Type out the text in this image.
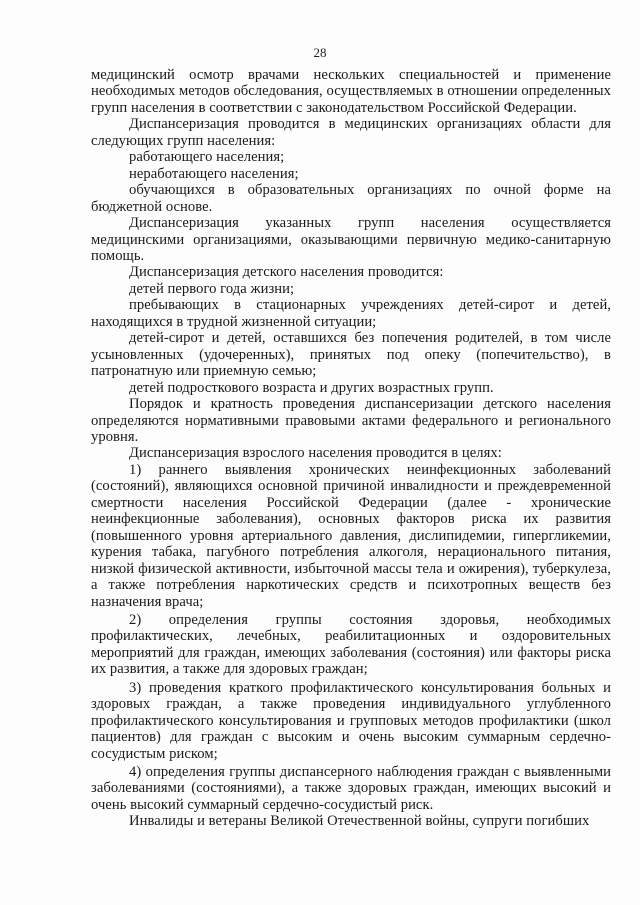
28

медицинский осмотр врачами нескольких специальностей и применение необходимых методов обследования, осуществляемых в отношении определенных групп населения в соответствии с законодательством Российской Федерации.

Диспансеризация проводится в медицинских организациях области для следующих групп населения:

работающего населения;

неработающего населения;

обучающихся в образовательных организациях по очной форме на бюджетной основе.

Диспансеризация указанных групп населения осуществляется медицинскими организациями, оказывающими первичную медико-санитарную помощь.

Диспансеризация детского населения проводится:

детей первого года жизни;

пребывающих в стационарных учреждениях детей-сирот и детей, находящихся в трудной жизненной ситуации;

детей-сирот и детей, оставшихся без попечения родителей, в том числе усыновленных (удочеренных), принятых под опеку (попечительство), в патронатную или приемную семью;

детей подросткового возраста и других возрастных групп.

Порядок и кратность проведения диспансеризации детского населения определяются нормативными правовыми актами федерального и регионального уровня.

Диспансеризация взрослого населения проводится в целях:

1) раннего выявления хронических неинфекционных заболеваний (состояний), являющихся основной причиной инвалидности и преждевременной смертности населения Российской Федерации (далее - хронические неинфекционные заболевания), основных факторов риска их развития (повышенного уровня артериального давления, дислипидемии, гипергликемии, курения табака, пагубного потребления алкоголя, нерационального питания, низкой физической активности, избыточной массы тела и ожирения), туберкулеза, а также потребления наркотических средств и психотропных веществ без назначения врача;

2) определения группы состояния здоровья, необходимых профилактических, лечебных, реабилитационных и оздоровительных мероприятий для граждан, имеющих заболевания (состояния) или факторы риска их развития, а также для здоровых граждан;

3) проведения краткого профилактического консультирования больных и здоровых граждан, а также проведения индивидуального углубленного профилактического консультирования и групповых методов профилактики (школ пациентов) для граждан с высоким и очень высоким суммарным сердечно-сосудистым риском;

4) определения группы диспансерного наблюдения граждан с выявленными заболеваниями (состояниями), а также здоровых граждан, имеющих высокий и очень высокий суммарный сердечно-сосудистый риск.

Инвалиды и ветераны Великой Отечественной войны, супруги погибших
